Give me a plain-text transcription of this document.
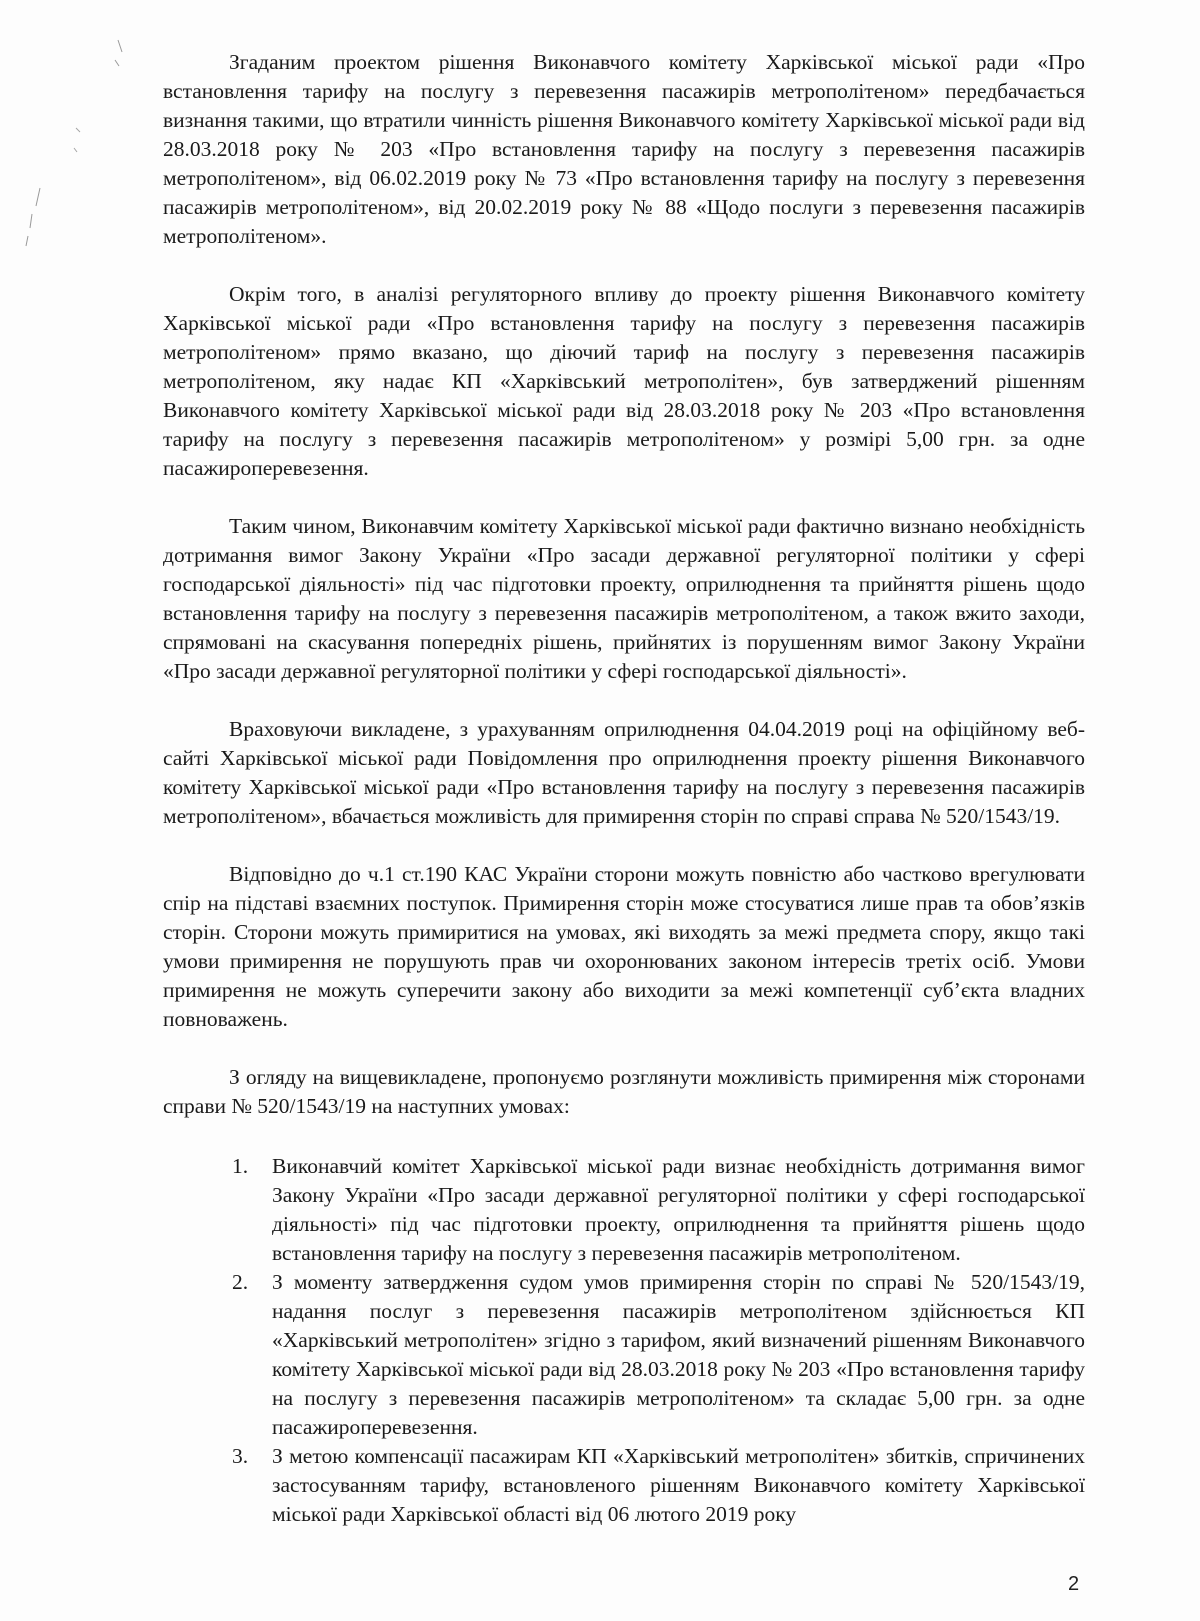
Згаданим проектом рішення Виконавчого комітету Харківської міської ради «Про встановлення тарифу на послугу з перевезення пасажирів метрополітеном» передбачається визнання такими, що втратили чинність рішення Виконавчого комітету Харківської міської ради від 28.03.2018 року № 203 «Про встановлення тарифу на послугу з перевезення пасажирів метрополітеном», від 06.02.2019 року № 73 «Про встановлення тарифу на послугу з перевезення пасажирів метрополітеном», від 20.02.2019 року № 88 «Щодо послуги з перевезення пасажирів метрополітеном».

Окрім того, в аналізі регуляторного впливу до проекту рішення Виконавчого комітету Харківської міської ради «Про встановлення тарифу на послугу з перевезення пасажирів метрополітеном» прямо вказано, що діючий тариф на послугу з перевезення пасажирів метрополітеном, яку надає КП «Харківський метрополітен», був затверджений рішенням Виконавчого комітету Харківської міської ради від 28.03.2018 року № 203 «Про встановлення тарифу на послугу з перевезення пасажирів метрополітеном» у розмірі 5,00 грн. за одне пасажироперевезення.

Таким чином, Виконавчим комітету Харківської міської ради фактично визнано необхідність дотримання вимог Закону України «Про засади державної регуляторної політики у сфері господарської діяльності» під час підготовки проекту, оприлюднення та прийняття рішень щодо встановлення тарифу на послугу з перевезення пасажирів метрополітеном, а також вжито заходи, спрямовані на скасування попередніх рішень, прийнятих із порушенням вимог Закону України «Про засади державної регуляторної політики у сфері господарської діяльності».

Враховуючи викладене, з урахуванням оприлюднення 04.04.2019 році на офіційному веб-сайті Харківської міської ради Повідомлення про оприлюднення проекту рішення Виконавчого комітету Харківської міської ради «Про встановлення тарифу на послугу з перевезення пасажирів метрополітеном», вбачається можливість для примирення сторін по справі справа № 520/1543/19.

Відповідно до ч.1 ст.190 КАС України сторони можуть повністю або частково врегулювати спір на підставі взаємних поступок. Примирення сторін може стосуватися лише прав та обов’язків сторін. Сторони можуть примиритися на умовах, які виходять за межі предмета спору, якщо такі умови примирення не порушують прав чи охоронюваних законом інтересів третіх осіб. Умови примирення не можуть суперечити закону або виходити за межі компетенції суб’єкта владних повноважень.

З огляду на вищевикладене, пропонуємо розглянути можливість примирення між сторонами справи № 520/1543/19 на наступних умовах:

1.	Виконавчий комітет Харківської міської ради визнає необхідність дотримання вимог Закону України «Про засади державної регуляторної політики у сфері господарської діяльності» під час підготовки проекту, оприлюднення та прийняття рішень щодо встановлення тарифу на послугу з перевезення пасажирів метрополітеном.
2.	З моменту затвердження судом умов примирення сторін по справі № 520/1543/19, надання послуг з перевезення пасажирів метрополітеном здійснюється КП «Харківський метрополітен» згідно з тарифом, який визначений рішенням Виконавчого комітету Харківської міської ради від 28.03.2018 року № 203 «Про встановлення тарифу на послугу з перевезення пасажирів метрополітеном» та складає 5,00 грн. за одне пасажироперевезення.
3.	З метою компенсації пасажирам КП «Харківський метрополітен» збитків, спричинених застосуванням тарифу, встановленого рішенням Виконавчого комітету Харківської міської ради Харківської області від 06 лютого 2019 року
2
